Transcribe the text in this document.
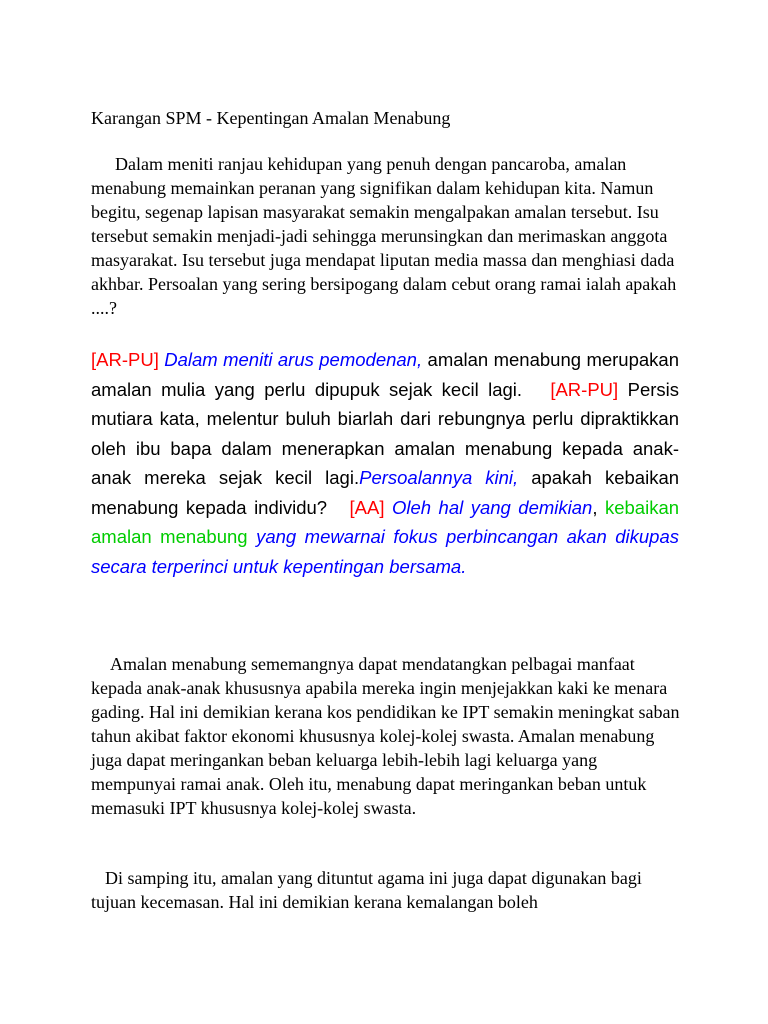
Karangan SPM - Kepentingan Amalan Menabung
Dalam meniti ranjau kehidupan yang penuh dengan pancaroba, amalan menabung memainkan peranan yang signifikan dalam kehidupan kita. Namun begitu, segenap lapisan masyarakat semakin mengalpakan amalan tersebut. Isu tersebut semakin menjadi-jadi sehingga merunsingkan dan merimaskan anggota masyarakat. Isu tersebut juga mendapat liputan media massa dan menghiasi dada akhbar. Persoalan yang sering bersipogang dalam cebut orang ramai ialah apakah ....?
[AR-PU] Dalam meniti arus pemodenan, amalan menabung merupakan amalan mulia yang perlu dipupuk sejak kecil lagi. [AR-PU] Persis mutiara kata, melentur buluh biarlah dari rebungnya perlu dipraktikkan oleh ibu bapa dalam menerapkan amalan menabung kepada anak-anak mereka sejak kecil lagi.Persoalannya kini, apakah kebaikan menabung kepada individu? [AA] Oleh hal yang demikian, kebaikan amalan menabung yang mewarnai fokus perbincangan akan dikupas secara terperinci untuk kepentingan bersama.
Amalan menabung sememangnya dapat mendatangkan pelbagai manfaat kepada anak-anak khususnya apabila mereka ingin menjejakkan kaki ke menara gading. Hal ini demikian kerana kos pendidikan ke IPT semakin meningkat saban tahun akibat faktor ekonomi khususnya kolej-kolej swasta. Amalan menabung juga dapat meringankan beban keluarga lebih-lebih lagi keluarga yang mempunyai ramai anak. Oleh itu, menabung dapat meringankan beban untuk memasuki IPT khususnya kolej-kolej swasta.
Di samping itu, amalan yang dituntut agama ini juga dapat digunakan bagi tujuan kecemasan. Hal ini demikian kerana kemalangan boleh
